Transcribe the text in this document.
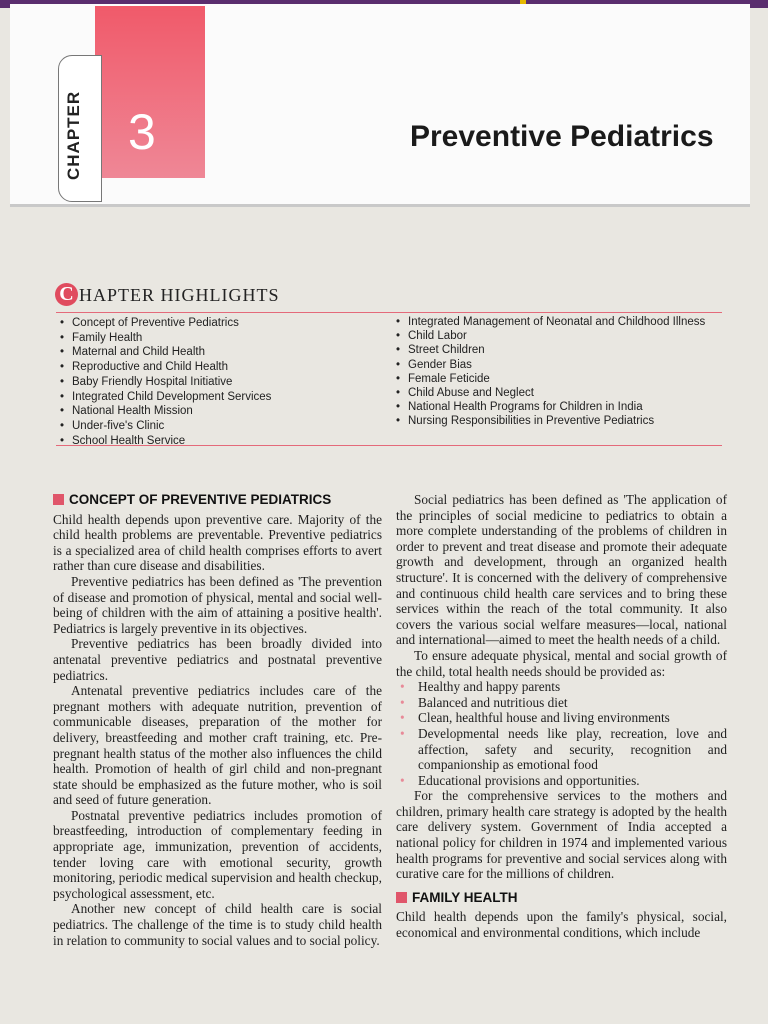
CHAPTER 3	Preventive Pediatrics
C HAPTER HIGHLIGHTS
• Concept of Preventive Pediatrics
• Family Health
• Maternal and Child Health
• Reproductive and Child Health
• Baby Friendly Hospital Initiative
• Integrated Child Development Services
• National Health Mission
• Under-five's Clinic
• School Health Service
• Integrated Management of Neonatal and Childhood Illness
• Child Labor
• Street Children
• Gender Bias
• Female Feticide
• Child Abuse and Neglect
• National Health Programs for Children in India
• Nursing Responsibilities in Preventive Pediatrics
CONCEPT OF PREVENTIVE PEDIATRICS

Child health depends upon preventive care. Majority of the child health problems are preventable. Preventive pediatrics is a specialized area of child health comprises efforts to avert rather than cure disease and disabilities.

Preventive pediatrics has been defined as 'The prevention of disease and promotion of physical, mental and social well-being of children with the aim of attaining a positive health'. Pediatrics is largely preventive in its objectives.

Preventive pediatrics has been broadly divided into antenatal preventive pediatrics and postnatal preventive pediatrics.

Antenatal preventive pediatrics includes care of the pregnant mothers with adequate nutrition, prevention of communicable diseases, preparation of the mother for delivery, breastfeeding and mother craft training, etc. Pre- pregnant health status of the mother also influences the child health. Promotion of health of girl child and non-pregnant state should be emphasized as the future mother, who is soil and seed of future generation.

Postnatal preventive pediatrics includes promotion of breastfeeding, introduction of complementary feeding in appropriate age, immunization, prevention of accidents, tender loving care with emotional security, growth monitoring, periodic medical supervision and health checkup, psychological assessment, etc.

Another new concept of child health care is social pediatrics. The challenge of the time is to study child health in relation to community to social values and to social policy.

Social pediatrics has been defined as 'The application of the principles of social medicine to pediatrics to obtain a more complete understanding of the problems of children in order to prevent and treat disease and promote their adequate growth and development, through an organized health structure'. It is concerned with the delivery of comprehensive and continuous child health care services and to bring these services within the reach of the total community. It also covers the various social welfare measures—local, national and international—aimed to meet the health needs of a child.

To ensure adequate physical, mental and social growth of the child, total health needs should be provided as:

• Healthy and happy parents
• Balanced and nutritious diet
• Clean, healthful house and living environments
• Developmental needs like play, recreation, love and affection, safety and security, recognition and companionship as emotional food
• Educational provisions and opportunities.

For the comprehensive services to the mothers and children, primary health care strategy is adopted by the health care delivery system. Government of India accepted a national policy for children in 1974 and implemented various health programs for preventive and social services along with curative care for the millions of children.

FAMILY HEALTH

Child health depends upon the family's physical, social, economical and environmental conditions, which include
